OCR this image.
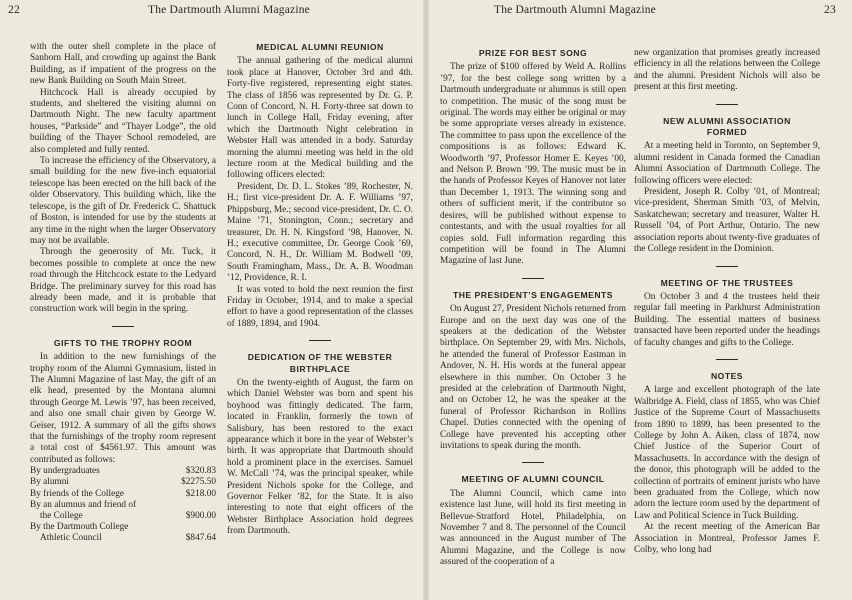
22	The Dartmouth Alumni Magazine

with the outer shell complete in the place of Sanborn Hall, and crowding up against the Bank Building, as if impatient of the progress on the new Bank Building on South Main Street.

Hitchcock Hall is already occupied by students, and sheltered the visiting alumni on Dartmouth Night. The new faculty apartment houses, “Parkside” and “Thayer Lodge”, the old building of the Thayer School remodeled, are also completed and fully rented.

To increase the efficiency of the Observatory, a small building for the new five-inch equatorial telescope has been erected on the hill back of the older Observatory. This building which, like the telescope, is the gift of Dr. Frederick C. Shattuck of Boston, is intended for use by the students at any time in the night when the larger Observatory may not be available.

Through the generosity of Mr. Tuck, it becomes possible to complete at once the new road through the Hitchcock estate to the Ledyard Bridge. The preliminary survey for this road has already been made, and it is probable that construction work will begin in the spring.

GIFTS TO THE TROPHY ROOM

In addition to the new furnishings of the trophy room of the Alumni Gymnasium, listed in The Alumni Magazine of last May, the gift of an elk head, presented by the Montana alumni through George M. Lewis ’97, has been received, and also one small chair given by George W. Geiser, 1912. A summary of all the gifts shows that the furnishings of the trophy room represent a total cost of $4561.97. This amount was contributed as follows:

By undergraduates	$320.83
By alumni	$2275.50
By friends of the College	$218.00
By an alumnus and friend of	
the College	$900.00
By the Dartmouth College	
Athletic Council	$847.64
MEDICAL ALUMNI REUNION

The annual gathering of the medical alumni took place at Hanover, October 3rd and 4th. Forty-five registered, representing eight states. The class of 1856 was represented by Dr. G. P. Conn of Concord, N. H. Forty-three sat down to lunch in College Hall, Friday evening, after which the Dartmouth Night celebration in Webster Hall was attended in a body. Saturday morning the alumni meeting was held in the old lecture room at the Medical building and the following officers elected:

President, Dr. D. L. Stokes ’89, Rochester, N. H.; first vice-president Dr. A. F. Williams ’97, Phippsburg, Me.; second vice-president, Dr. C. O. Maine ’71, Stonington, Conn.; secretary and treasurer, Dr. H. N. Kingsford ’98, Hanover, N. H.; executive committee, Dr. George Cook ’69, Concord, N. H., Dr. William M. Bodwell ’09, South Framingham, Mass., Dr. A. B. Woodman ’12, Providence, R. I.

It was voted to hold the next reunion the first Friday in October, 1914, and to make a special effort to have a good representation of the classes of 1889, 1894, and 1904.

DEDICATION OF THE WEBSTER
BIRTHPLACE

On the twenty-eighth of August, the farm on which Daniel Webster was born and spent his boyhood was fittingly dedicated. The farm, located in Franklin, formerly the town of Salisbury, has been restored to the exact appearance which it bore in the year of Webster’s birth. It was appropriate that Dartmouth should hold a prominent place in the exercises. Samuel W. McCall ’74, was the principal speaker, while President Nichols spoke for the College, and Governor Felker ’82, for the State. It is also interesting to note that eight officers of the Webster Birthplace Association hold degrees from Dartmouth.

The Dartmouth Alumni Magazine	23
PRIZE FOR BEST SONG

The prize of $100 offered by Weld A. Rollins ’97, for the best college song written by a Dartmouth undergraduate or alumnus is still open to competition. The music of the song must be original. The words may either be original or may be some appropriate verses already in existence. The committee to pass upon the excellence of the compositions is as follows: Edward K. Woodworth ’97, Professor Homer E. Keyes ’00, and Nelson P. Brown ’99. The music must be in the hands of Professor Keyes of Hanover not later than December 1, 1913. The winning song and others of sufficient merit, if the contributor so desires, will be published without expense to contestants, and with the usual royalties for all copies sold. Full information regarding this competition will be found in The Alumni Magazine of last June.

THE PRESIDENT’S ENGAGEMENTS

On August 27, President Nichols returned from Europe and on the next day was one of the speakers at the dedication of the Webster birthplace. On September 29, with Mrs. Nichols, he attended the funeral of Professor Eastman in Andover, N. H. His words at the funeral appear elsewhere in this number. On October 3 he presided at the celebration of Dartmouth Night, and on October 12, he was the speaker at the funeral of Professor Richardson in Rollins Chapel. Duties connected with the opening of College have prevented his accepting other invitations to speak during the month.

MEETING OF ALUMNI COUNCIL

The Alumni Council, which came into existence last June, will hold its first meeting in Bellevue-Stratford Hotel, Philadelphia, on November 7 and 8. The personnel of the Council was announced in the August number of The Alumni Magazine, and the College is now assured of the cooperation of a

new organization that promises greatly increased efficiency in all the relations between the College and the alumni. President Nichols will also be present at this first meeting.

NEW ALUMNI ASSOCIATION
FORMED

At a meeting held in Toronto, on September 9, alumni resident in Canada formed the Canadian Alumni Association of Dartmouth College. The following officers were elected:

President, Joseph R. Colby ’01, of Montreal; vice-president, Sherman Smith ’03, of Melvin, Saskatchewan; secretary and treasurer, Walter H. Russell ’04, of Port Arthur, Ontario. The new association reports about twenty-five graduates of the College resident in the Dominion.

MEETING OF THE TRUSTEES

On October 3 and 4 the trustees held their regular fall meeting in Parkhurst Administration Building. The essential matters of business transacted have been reported under the headings of faculty changes and gifts to the College.

NOTES

A large and excellent photograph of the late Walbridge A. Field, class of 1855, who was Chief Justice of the Supreme Court of Massachusetts from 1890 to 1899, has been presented to the College by John A. Aiken, class of 1874, now Chief Justice of the Superior Court of Massachusetts. In accordance with the design of the donor, this photograph will be added to the collection of portraits of eminent jurists who have been graduated from the College, which now adorn the lecture room used by the department of Law and Political Science in Tuck Building.

At the recent meeting of the American Bar Association in Montreal, Professor James F. Colby, who long had
